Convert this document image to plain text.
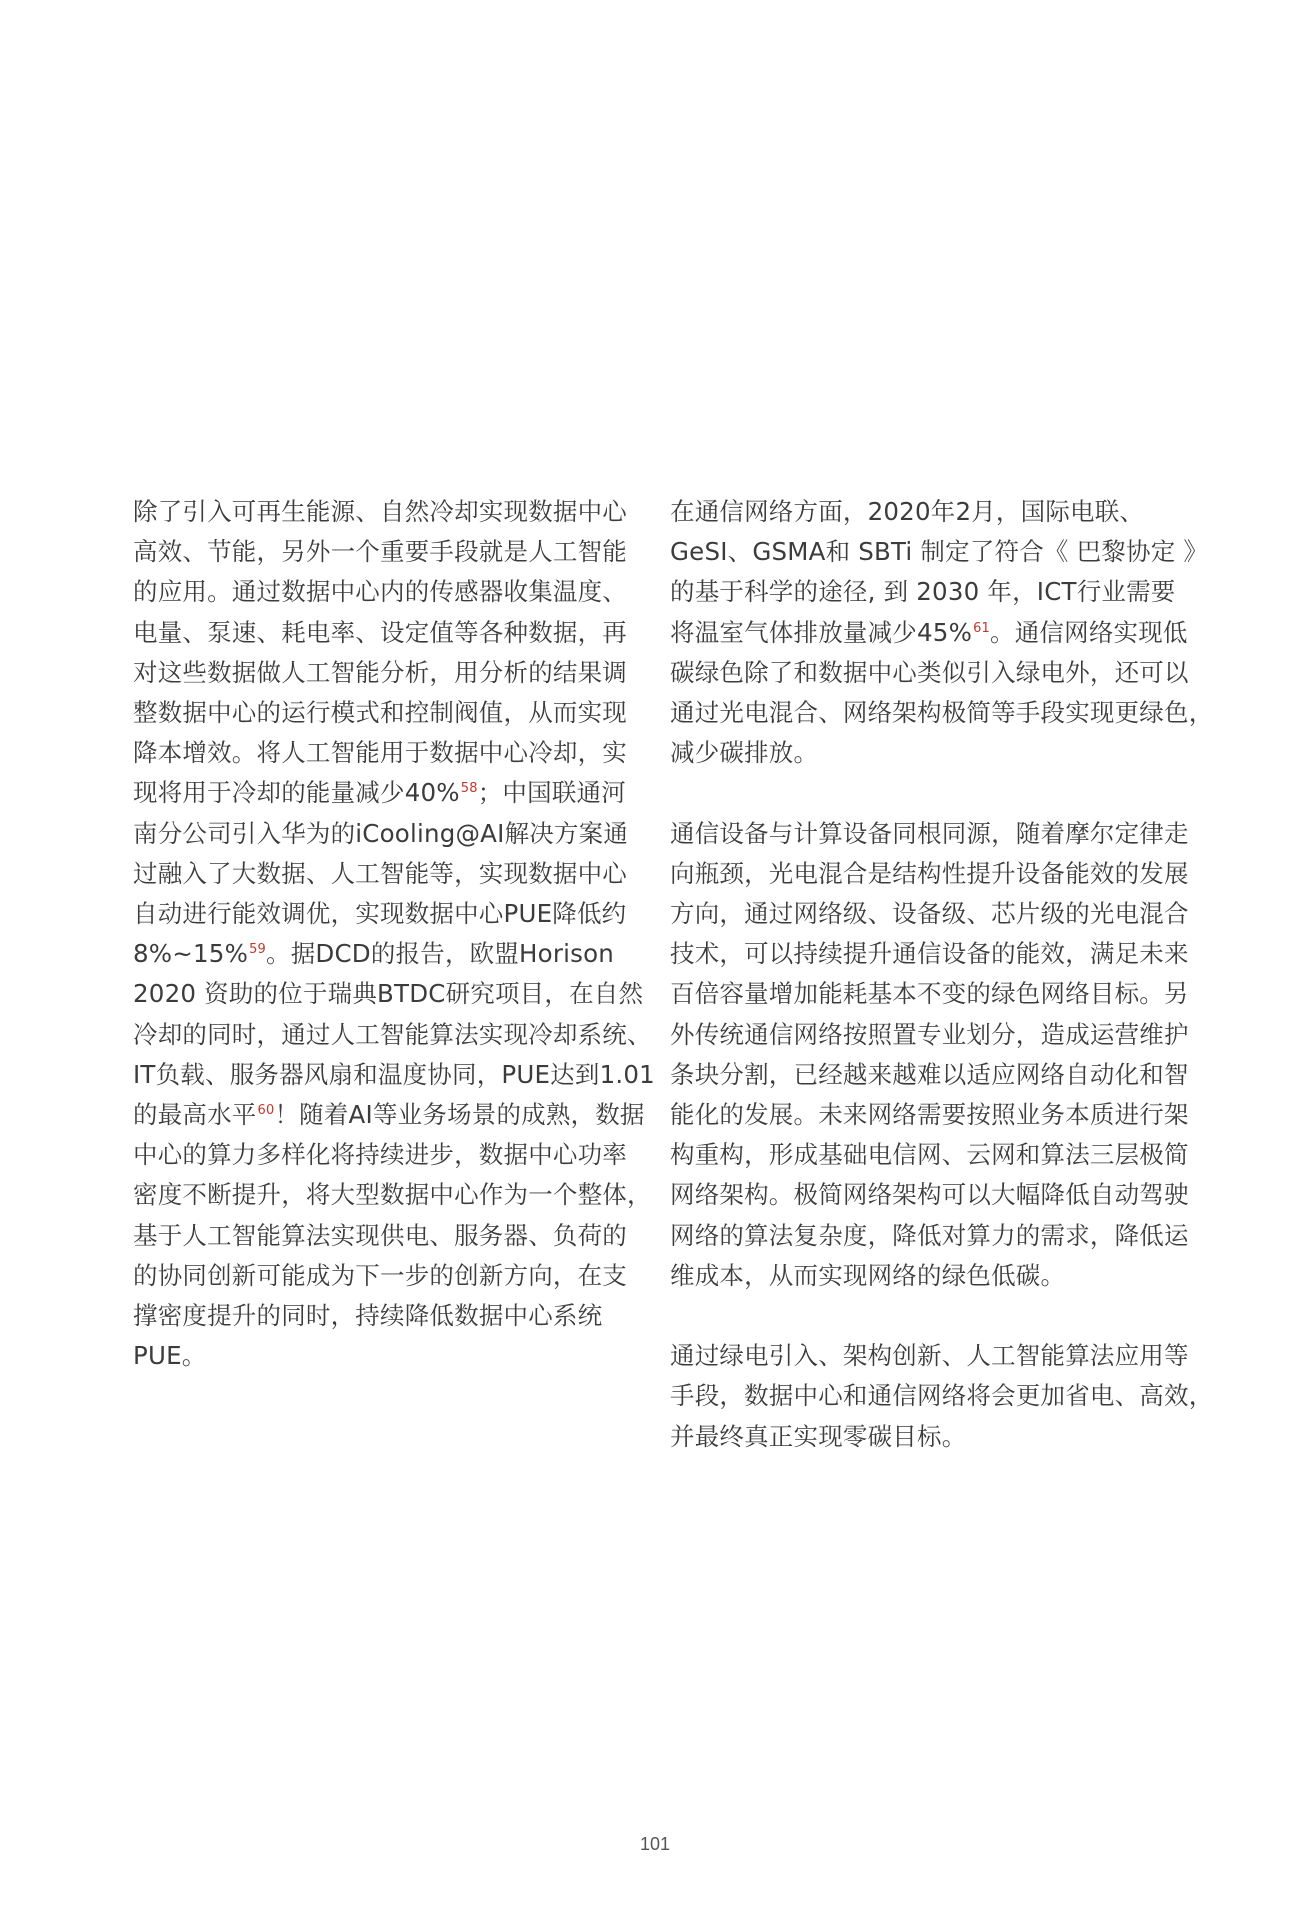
除了引入可再生能源、自然冷却实现数据中心
高效、节能，另外一个重要手段就是人工智能
的应用。通过数据中心内的传感器收集温度、
电量、泵速、耗电率、设定值等各种数据，再
对这些数据做人工智能分析，用分析的结果调
整数据中心的运行模式和控制阀值，从而实现
降本增效。将人工智能用于数据中心冷却，实
现将用于冷却的能量减少40%$^{58}$；中国联通河
南分公司引入华为的iCooling@AI解决方案通
过融入了大数据、人工智能等，实现数据中心
自动进行能效调优，实现数据中心PUE降低约
8%~15%$^{59}$。据DCD的报告，欧盟Horison
2020 资助的位于瑞典BTDC研究项目，在自然
冷却的同时，通过人工智能算法实现冷却系统、
IT负载、服务器风扇和温度协同，PUE达到1.01
的最高水平$^{60}$！随着AI等业务场景的成熟，数据
中心的算力多样化将持续进步，数据中心功率
密度不断提升，将大型数据中心作为一个整体，
基于人工智能算法实现供电、服务器、负荷的
的协同创新可能成为下一步的创新方向，在支
撑密度提升的同时，持续降低数据中心系统
PUE。

在通信网络方面，2020年2月，国际电联、
GeSI、GSMA和 SBTi 制定了符合《 巴黎协定 》
的基于科学的途径, 到 2030 年，ICT行业需要
将温室气体排放量减少45%$^{61}$。通信网络实现低
碳绿色除了和数据中心类似引入绿电外，还可以
通过光电混合、网络架构极简等手段实现更绿色，
减少碳排放。

通信设备与计算设备同根同源，随着摩尔定律走
向瓶颈，光电混合是结构性提升设备能效的发展
方向，通过网络级、设备级、芯片级的光电混合
技术，可以持续提升通信设备的能效，满足未来
百倍容量增加能耗基本不变的绿色网络目标。另
外传统通信网络按照置专业划分，造成运营维护
条块分割，已经越来越难以适应网络自动化和智
能化的发展。未来网络需要按照业务本质进行架
构重构，形成基础电信网、云网和算法三层极简
网络架构。极简网络架构可以大幅降低自动驾驶
网络的算法复杂度，降低对算力的需求，降低运
维成本，从而实现网络的绿色低碳。

通过绿电引入、架构创新、人工智能算法应用等
手段，数据中心和通信网络将会更加省电、高效，
并最终真正实现零碳目标。

101
